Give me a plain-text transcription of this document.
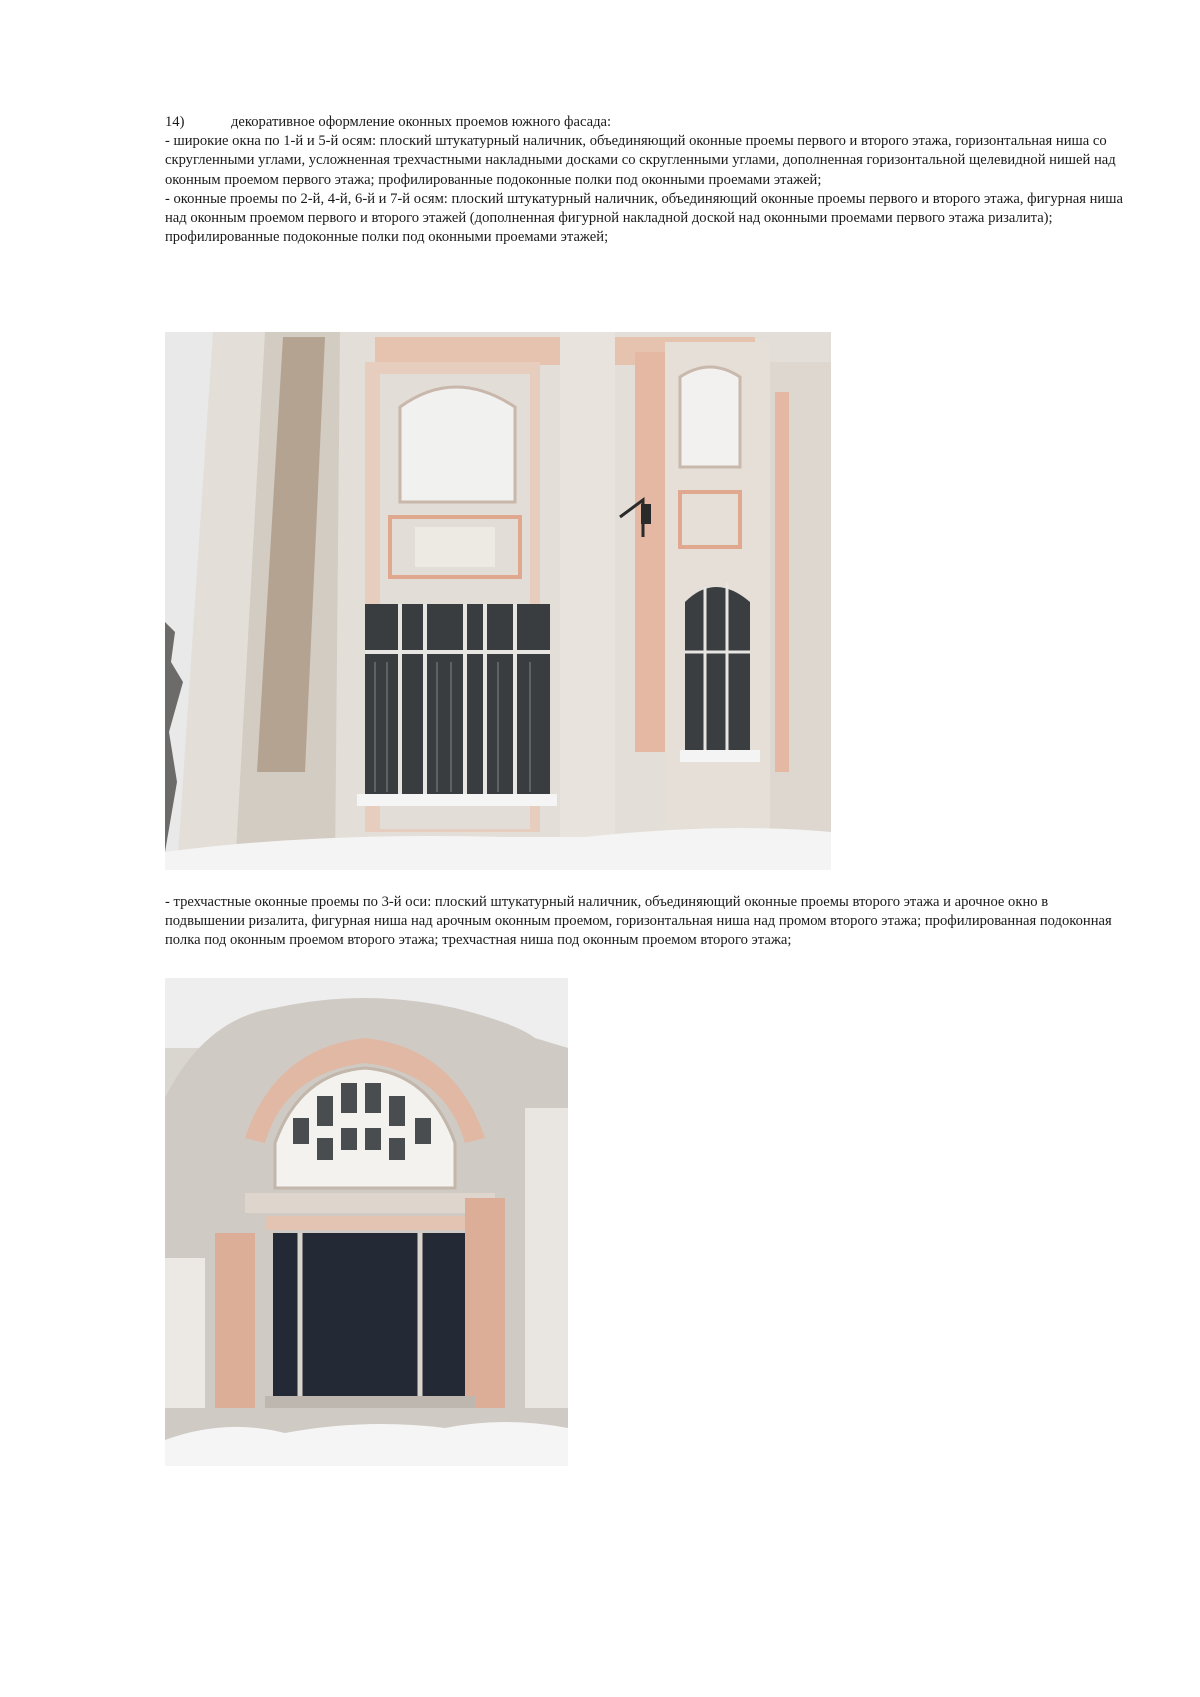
14)	декоративное оформление оконных проемов южного фасада:

- широкие окна по 1-й и 5-й осям: плоский штукатурный наличник, объединяющий оконные проемы первого и второго этажа, горизонтальная ниша со скругленными углами, усложненная трехчастными накладными досками со скругленными углами, дополненная горизонтальной щелевидной нишей над оконным проемом первого этажа; профилированные подоконные полки под оконными проемами этажей;

- оконные проемы по 2-й, 4-й, 6-й и 7-й осям: плоский штукатурный наличник, объединяющий оконные проемы первого и второго этажа, фигурная ниша над оконным проемом первого и второго этажей (дополненная фигурной накладной доской над оконными проемами первого этажа ризалита); профилированные подоконные полки под оконными проемами этажей;

- трехчастные оконные проемы по 3-й оси: плоский штукатурный наличник, объединяющий оконные проемы второго этажа и арочное окно в подвышении ризалита, фигурная ниша над арочным оконным проемом, горизонтальная ниша над промом второго этажа; профилированная подоконная полка под оконным проемом второго этажа; трехчастная ниша под оконным проемом второго этажа;
